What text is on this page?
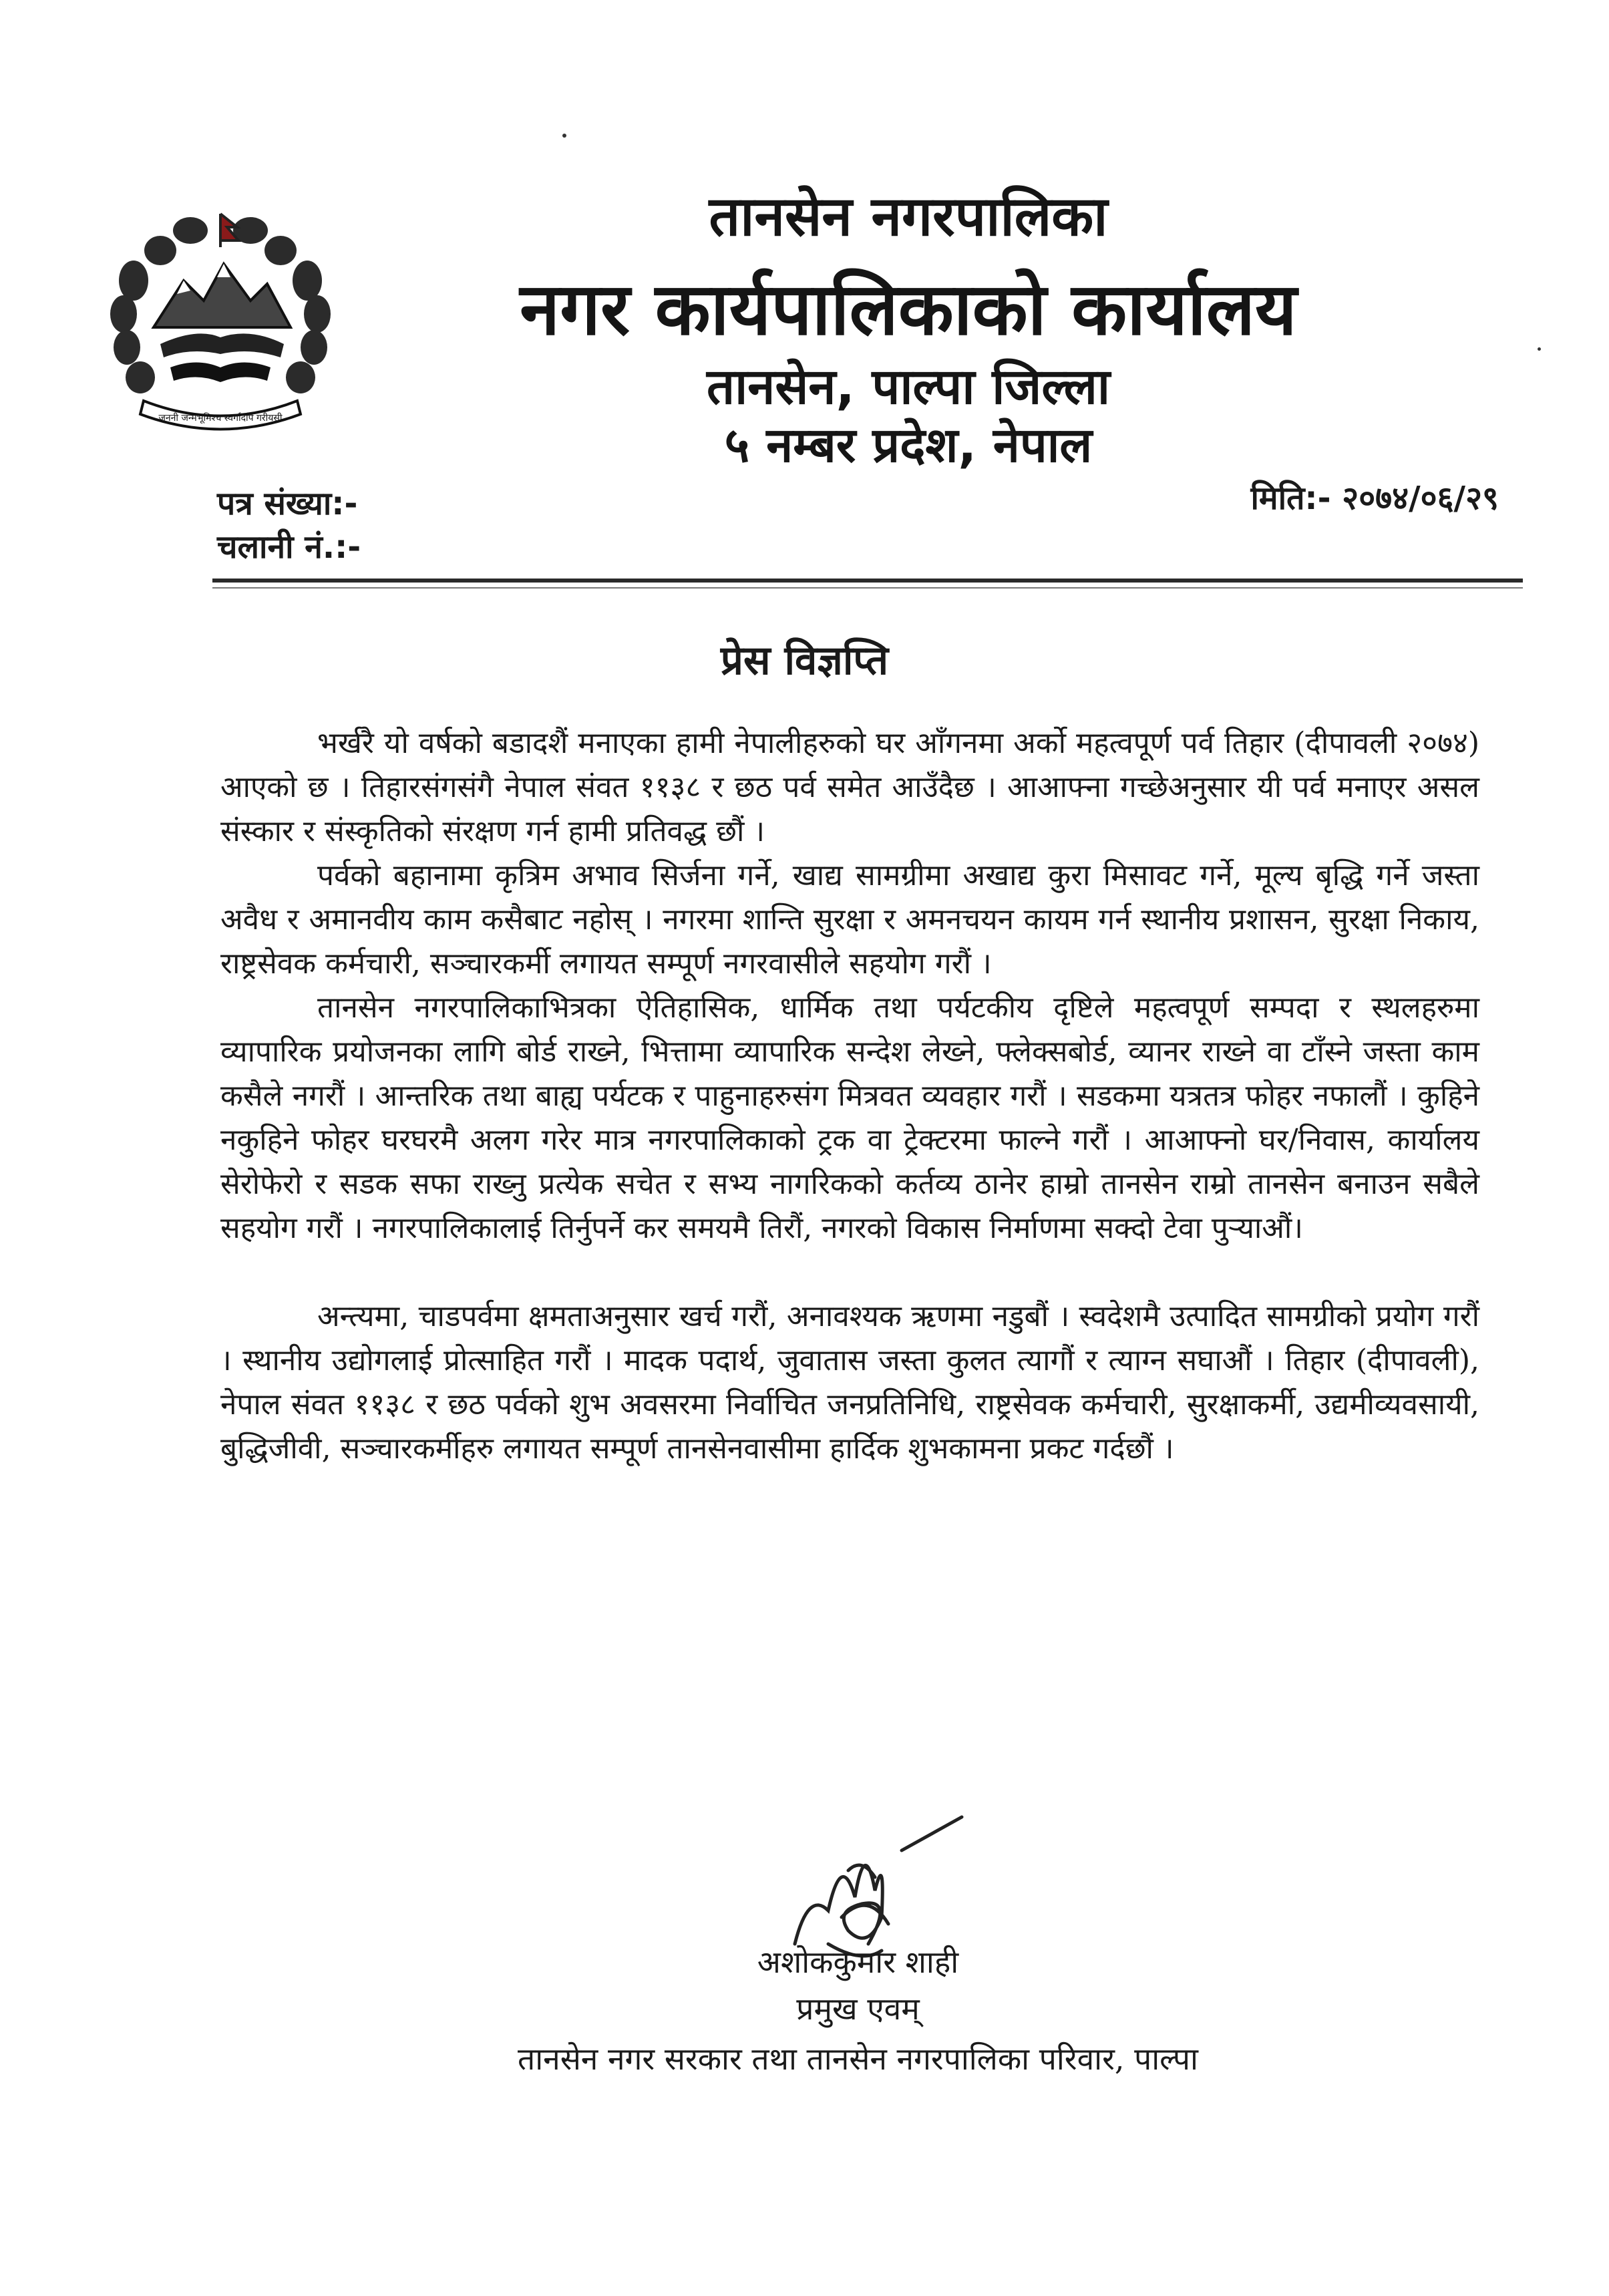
जननी जन्मभूमिश्च स्वर्गादपि गरीयसी
तानसेन नगरपालिका
नगर कार्यपालिकाको कार्यालय
तानसेन, पाल्पा जिल्ला
५ नम्बर प्रदेश, नेपाल
पत्र संख्या:-
चलानी नं.:-
मिति:- २०७४/०६/२९
प्रेस विज्ञप्ति

भर्खरै यो वर्षको बडादशैं मनाएका हामी नेपालीहरुको घर आँगनमा अर्को महत्वपूर्ण पर्व तिहार (दीपावली २०७४) आएको छ । तिहारसंगसंगै नेपाल संवत ११३८ र छठ पर्व समेत आउँदैछ । आआफ्ना गच्छेअनुसार यी पर्व मनाएर असल संस्कार र संस्कृतिको संरक्षण गर्न हामी प्रतिवद्ध छौं ।

पर्वको बहानामा कृत्रिम अभाव सिर्जना गर्ने, खाद्य सामग्रीमा अखाद्य कुरा मिसावट गर्ने, मूल्य बृद्धि गर्ने जस्ता अवैध र अमानवीय काम कसैबाट नहोस् । नगरमा शान्ति सुरक्षा र अमनचयन कायम गर्न स्थानीय प्रशासन, सुरक्षा निकाय, राष्ट्रसेवक कर्मचारी, सञ्चारकर्मी लगायत सम्पूर्ण नगरवासीले सहयोग गरौं ।

तानसेन नगरपालिकाभित्रका ऐतिहासिक, धार्मिक तथा पर्यटकीय दृष्टिले महत्वपूर्ण सम्पदा र स्थलहरुमा व्यापारिक प्रयोजनका लागि बोर्ड राख्ने, भित्तामा व्यापारिक सन्देश लेख्ने, फ्लेक्सबोर्ड, व्यानर राख्ने वा टाँस्ने जस्ता काम कसैले नगरौं । आन्तरिक तथा बाह्य पर्यटक र पाहुनाहरुसंग मित्रवत व्यवहार गरौं । सडकमा यत्रतत्र फोहर नफालौं । कुहिने नकुहिने फोहर घरघरमै अलग गरेर मात्र नगरपालिकाको ट्रक वा ट्रेक्टरमा फाल्ने गरौं । आआफ्नो घर/निवास, कार्यालय सेरोफेरो र सडक सफा राख्नु प्रत्येक सचेत र सभ्य नागरिकको कर्तव्य ठानेर हाम्रो तानसेन राम्रो तानसेन बनाउन सबैले सहयोग गरौं । नगरपालिकालाई तिर्नुपर्ने कर समयमै तिरौं, नगरको विकास निर्माणमा सक्दो टेवा पुऱ्याऔं।

अन्त्यमा, चाडपर्वमा क्षमताअनुसार खर्च गरौं, अनावश्यक ऋणमा नडुबौं । स्वदेशमै उत्पादित सामग्रीको प्रयोग गरौं । स्थानीय उद्योगलाई प्रोत्साहित गरौं । मादक पदार्थ, जुवातास जस्ता कुलत त्यागौं र त्याग्न सघाऔं । तिहार (दीपावली), नेपाल संवत ११३८ र छठ पर्वको शुभ अवसरमा निर्वाचित जनप्रतिनिधि, राष्ट्रसेवक कर्मचारी, सुरक्षाकर्मी, उद्यमीव्यवसायी, बुद्धिजीवी, सञ्चारकर्मीहरु लगायत सम्पूर्ण तानसेनवासीमा हार्दिक शुभकामना प्रकट गर्दछौं ।

अशोककुमार शाही
प्रमुख एवम्
तानसेन नगर सरकार तथा तानसेन नगरपालिका परिवार, पाल्पा
